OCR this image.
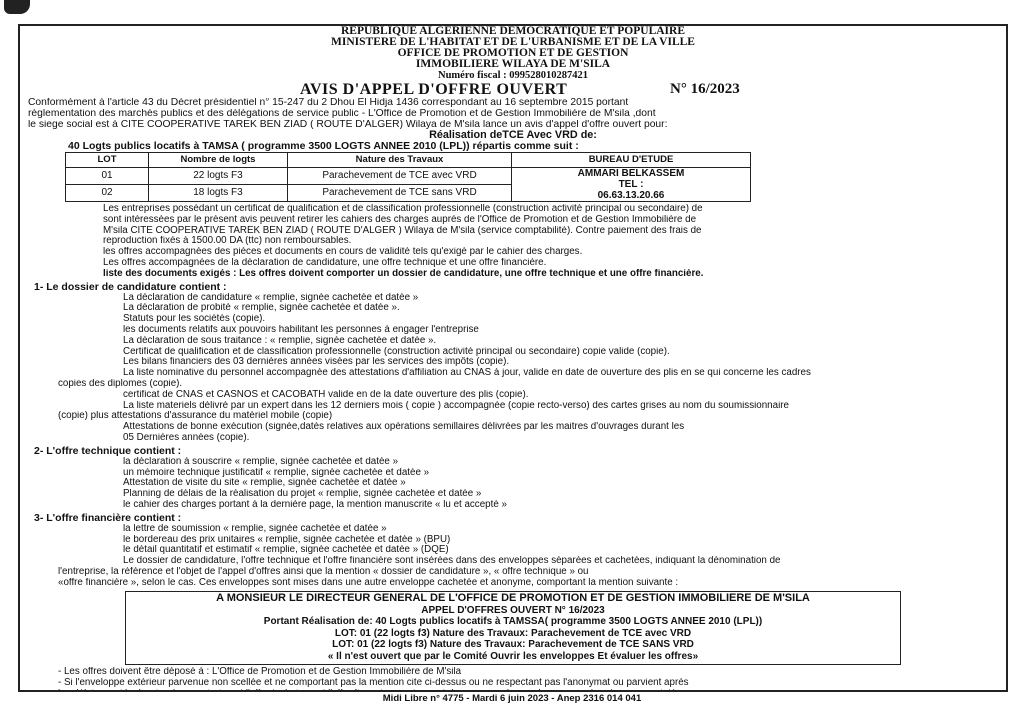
RÉPUBLIQUE ALGERIENNE DÉMOCRATIQUE ET POPULAIRE
MINISTERE DE L'HABITAT ET DE L'URBANISME ET DE LA VILLE
OFFICE DE PROMOTION ET DE GESTION
IMMOBILIERE WILAYA DE M'SILA
Numéro fiscal : 099528010287421
AVIS D'APPEL D'OFFRE OUVERT	N° 16/2023
Conformément à l'article 43 du Décret présidentiel n° 15-247 du 2 Dhou El Hidja 1436 correspondant au 16 septembre 2015 portant
réglementation des marchés publics et des délégations de service public - L'Office de Promotion et de Gestion Immobilière de M'sila ,dont
le siege social est à CITÉ COOPÉRATIVE TAREK BEN ZIAD ( ROUTE D'ALGER) Wilaya de M'sila lance un avis d'appel d'offre ouvert pour:
Réalisation deTCE Avec VRD de:
40 Logts publics locatifs à TAMSA ( programme 3500 LOGTS ANNEE 2010 (LPL)) répartis comme suit :
LOT	Nombre de logts	Nature des Travaux	BUREAU D'ETUDE
01	22 logts F3	Parachevement de TCE avec VRD	AMMARI BELKASSEM
TEL :
06.63.13.20.66

02	18 logts F3	Parachevement de TCE sans VRD	
Les entreprises possédant un certificat de qualification et de classification professionnelle (construction activité principal ou secondaire) de
sont intéressées par le présent avis peuvent retirer les cahiers des charges auprès de l'Office de Promotion et de Gestion Immobilière de
M'sila CITÉ COOPÉRATIVE TAREK BEN ZIAD ( ROUTE D'ALGER ) Wilaya de M'sila (service comptabilité). Contre paiement des frais de
reproduction fixés à 1500.00 DA (ttc) non remboursables.
les offres accompagnées des pièces et documents en cours de validité tels qu'exigé par le cahier des charges.
Les offres accompagnées de la déclaration de candidature, une offre technique et une offre financière.
liste des documents exigés : Les offres doivent comporter un dossier de candidature, une offre technique et une offre financière.
1- Le dossier de candidature contient :
La déclaration de candidature « remplie, signée cachetée et datée »
La déclaration de probité « remplie, signée cachetée et datée ».
Statuts pour les sociétés (copie).
les documents relatifs aux pouvoirs habilitant les personnes à engager l'entreprise
La déclaration de sous traitance : « remplie, signée cachetée et datée ».
Certificat de qualification et de classification professionnelle (construction activité principal ou secondaire) copie valide (copie).
Les bilans financiers des 03 dernières années visées par les services des impôts (copie).
La liste nominative du personnel accompagnée des attestations d'affiliation au CNAS à jour, valide en date de ouverture des plis en se qui concerne les cadres
copies des diplomes (copie).
certificat de CNAS et CASNOS et CACOBATH valide en de la date ouverture des plis (copie).
La liste materiels délivré par un expert dans les 12 derniers mois ( copie ) accompagnée (copie recto-verso) des cartes grises au nom du soumissionnaire
(copie) plus attestations d'assurance du matériel mobile (copie)
Attestations de bonne exécution (signée,datés relatives aux opérations semillaires délivrées par les maitres d'ouvrages durant les
05 Dernières années (copie).
2- L'offre technique contient :
la déclaration à souscrire « remplie, signée cachetée et datée »
un mémoire technique justificatif « remplie, signée cachetée et datée »
Attestation de visite du site « remplie, signée cachetée et datée »
Planning de délais de la réalisation du projet « remplie, signée cachetée et datée »
le cahier des charges portant à la dernière page, la mention manuscrite « lu et accepté »
3- L'offre financière contient :
la lettre de soumission « remplie, signée cachetée et datée »
le bordereau des prix unitaires « remplie, signée cachetée et datée » (BPU)
le détail quantitatif et estimatif « remplie, signée cachetée et datée » (DQE)
Le dossier de candidature, l'offre technique et l'offre financière sont insérées dans des enveloppes séparées et cachetées, indiquant la dénomination de
l'entreprise, la référence et l'objet de l'appel d'offres ainsi que la mention « dossier de candidature », « offre technique » ou
«offre financière », selon le cas. Ces enveloppes sont mises dans une autre enveloppe cachetée et anonyme, comportant la mention suivante :
A MONSIEUR LE DIRECTEUR GENERAL DE L'OFFICE DE PROMOTION ET DE GESTION IMMOBILIERE DE M'SILA
APPEL D'OFFRES OUVERT N° 16/2023
Portant Réalisation de: 40 Logts publics locatifs à TAMSSA( programme 3500 LOGTS ANNEE 2010 (LPL))
LOT: 01 (22 logts f3) Nature des Travaux: Parachevement de TCE avec VRD
LOT: 01 (22 logts f3) Nature des Travaux: Parachevement de TCE SANS VRD
« Il n'est ouvert que par le Comité Ouvrir les enveloppes Et évaluer les offres»
- Les offres doivent être déposé à : L'Office de Promotion et de Gestion Immobilière de M'sila
- Si l'enveloppe extérieur parvenue non scellée et ne comportant pas la mention cite ci-dessus ou ne respectant pas l'anonymat ou parvient après
Midi Libre n° 4775 - Mardi 6 juin 2023 - Anep 2316 014 041
